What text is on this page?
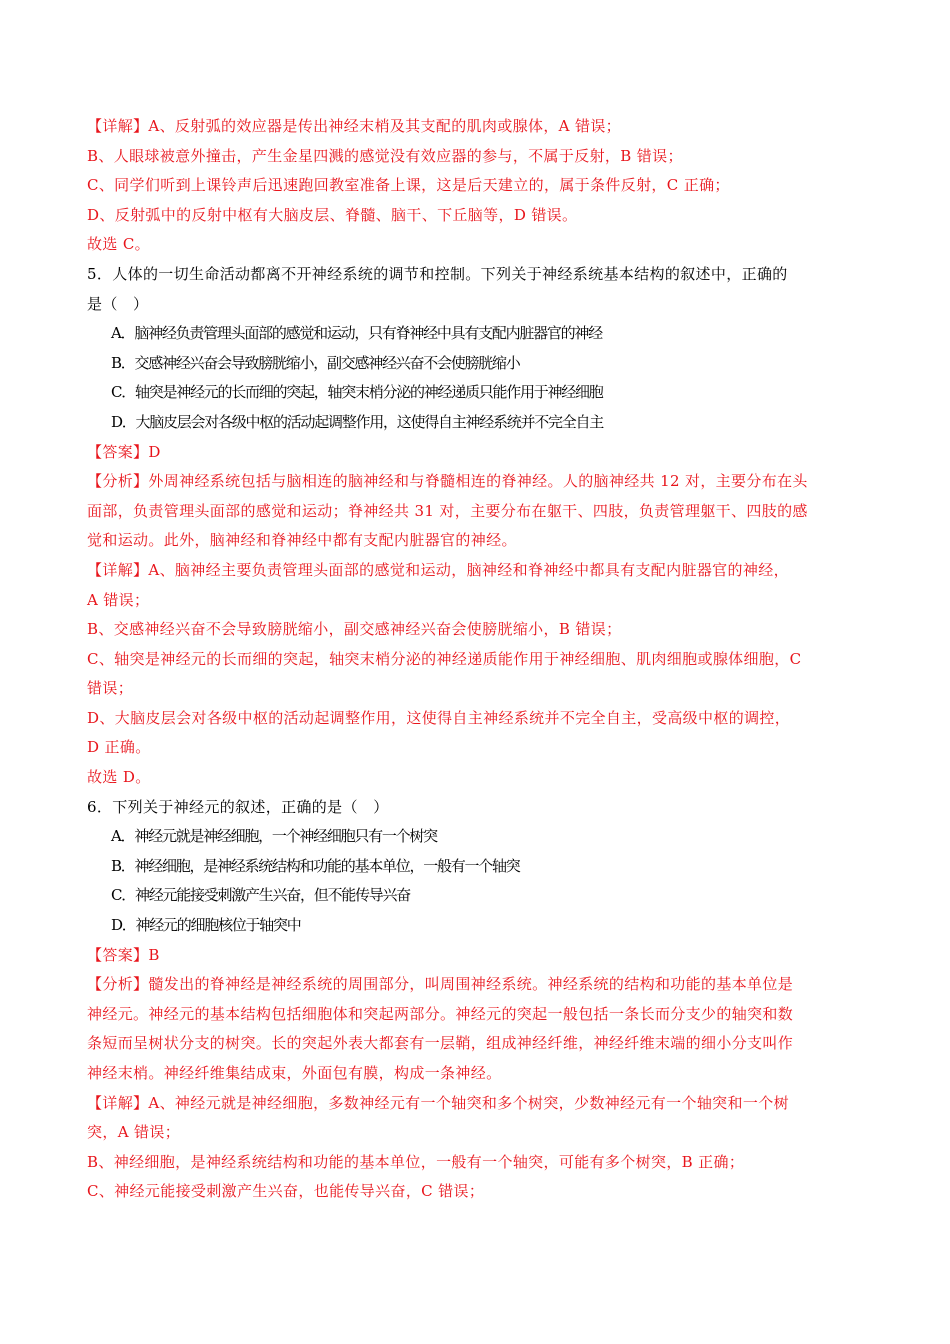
【详解】A、反射弧的效应器是传出神经末梢及其支配的肌肉或腺体，A 错误；
B、人眼球被意外撞击，产生金星四溅的感觉没有效应器的参与，不属于反射，B 错误；
C、同学们听到上课铃声后迅速跑回教室准备上课，这是后天建立的，属于条件反射，C 正确；
D、反射弧中的反射中枢有大脑皮层、脊髓、脑干、下丘脑等，D 错误。
故选 C。
5．人体的一切生命活动都离不开神经系统的调节和控制。下列关于神经系统基本结构的叙述中，正确的
是（　）
A．脑神经负责管理头面部的感觉和运动，只有脊神经中具有支配内脏器官的神经
B．交感神经兴奋会导致膀胱缩小，副交感神经兴奋不会使膀胱缩小
C．轴突是神经元的长而细的突起，轴突末梢分泌的神经递质只能作用于神经细胞
D．大脑皮层会对各级中枢的活动起调整作用，这使得自主神经系统并不完全自主
【答案】D
【分析】外周神经系统包括与脑相连的脑神经和与脊髓相连的脊神经。人的脑神经共 12 对，主要分布在头
面部，负责管理头面部的感觉和运动；脊神经共 31 对，主要分布在躯干、四肢，负责管理躯干、四肢的感
觉和运动。此外，脑神经和脊神经中都有支配内脏器官的神经。
【详解】A、脑神经主要负责管理头面部的感觉和运动，脑神经和脊神经中都具有支配内脏器官的神经，
A 错误；
B、交感神经兴奋不会导致膀胱缩小，副交感神经兴奋会使膀胱缩小，B 错误；
C、轴突是神经元的长而细的突起，轴突末梢分泌的神经递质能作用于神经细胞、肌肉细胞或腺体细胞，C
错误；
D、大脑皮层会对各级中枢的活动起调整作用，这使得自主神经系统并不完全自主，受高级中枢的调控，
D 正确。
故选 D。
6．下列关于神经元的叙述，正确的是（　）
A．神经元就是神经细胞，一个神经细胞只有一个树突
B．神经细胞，是神经系统结构和功能的基本单位，一般有一个轴突
C．神经元能接受刺激产生兴奋，但不能传导兴奋
D．神经元的细胞核位于轴突中
【答案】B
【分析】髓发出的脊神经是神经系统的周围部分，叫周围神经系统。神经系统的结构和功能的基本单位是
神经元。神经元的基本结构包括细胞体和突起两部分。神经元的突起一般包括一条长而分支少的轴突和数
条短而呈树状分支的树突。长的突起外表大都套有一层鞘，组成神经纤维，神经纤维末端的细小分支叫作
神经末梢。神经纤维集结成束，外面包有膜，构成一条神经。
【详解】A、神经元就是神经细胞，多数神经元有一个轴突和多个树突，少数神经元有一个轴突和一个树
突，A 错误；
B、神经细胞，是神经系统结构和功能的基本单位，一般有一个轴突，可能有多个树突，B 正确；
C、神经元能接受刺激产生兴奋，也能传导兴奋，C 错误；
